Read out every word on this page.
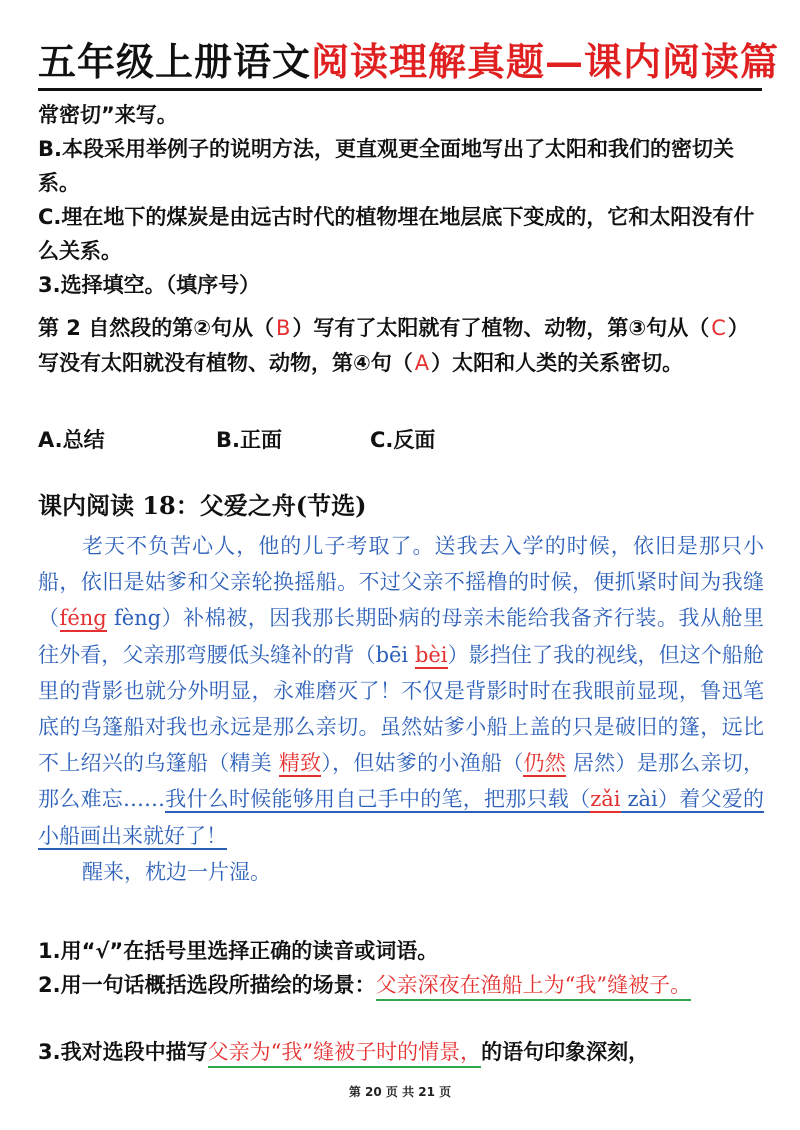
五年级上册语文阅读理解真题—课内阅读篇
常密切”来写。
B.本段采用举例子的说明方法，更直观更全面地写出了太阳和我们的密切关系。
C.埋在地下的煤炭是由远古时代的植物埋在地层底下变成的，它和太阳没有什么关系。
3.选择填空。（填序号）
第 2 自然段的第②句从（B）写有了太阳就有了植物、动物，第③句从（C）写没有太阳就没有植物、动物，第④句（A）太阳和人类的关系密切。
A.总结	B.正面	C.反面
课内阅读 18：父爱之舟(节选)

老天不负苦心人，他的儿子考取了。送我去入学的时候，依旧是那只小船，依旧是姑爹和父亲轮换摇船。不过父亲不摇橹的时候，便抓紧时间为我缝（féng fèng）补棉被，因我那长期卧病的母亲未能给我备齐行装。我从舱里往外看，父亲那弯腰低头缝补的背（bēi bèi）影挡住了我的视线，但这个船舱里的背影也就分外明显，永难磨灭了！不仅是背影时时在我眼前显现，鲁迅笔底的乌篷船对我也永远是那么亲切。虽然姑爹小船上盖的只是破旧的篷，远比不上绍兴的乌篷船（精美 精致），但姑爹的小渔船（仍然 居然）是那么亲切，那么难忘……我什么时候能够用自己手中的笔，把那只载（zǎi zài）着父爱的小船画出来就好了！

醒来，枕边一片湿。

1.用“√”在括号里选择正确的读音或词语。
2.用一句话概括选段所描绘的场景：父亲深夜在渔船上为“我”缝被子。
3.我对选段中描写父亲为“我”缝被子时的情景，的语句印象深刻，
第 20 页 共 21 页
